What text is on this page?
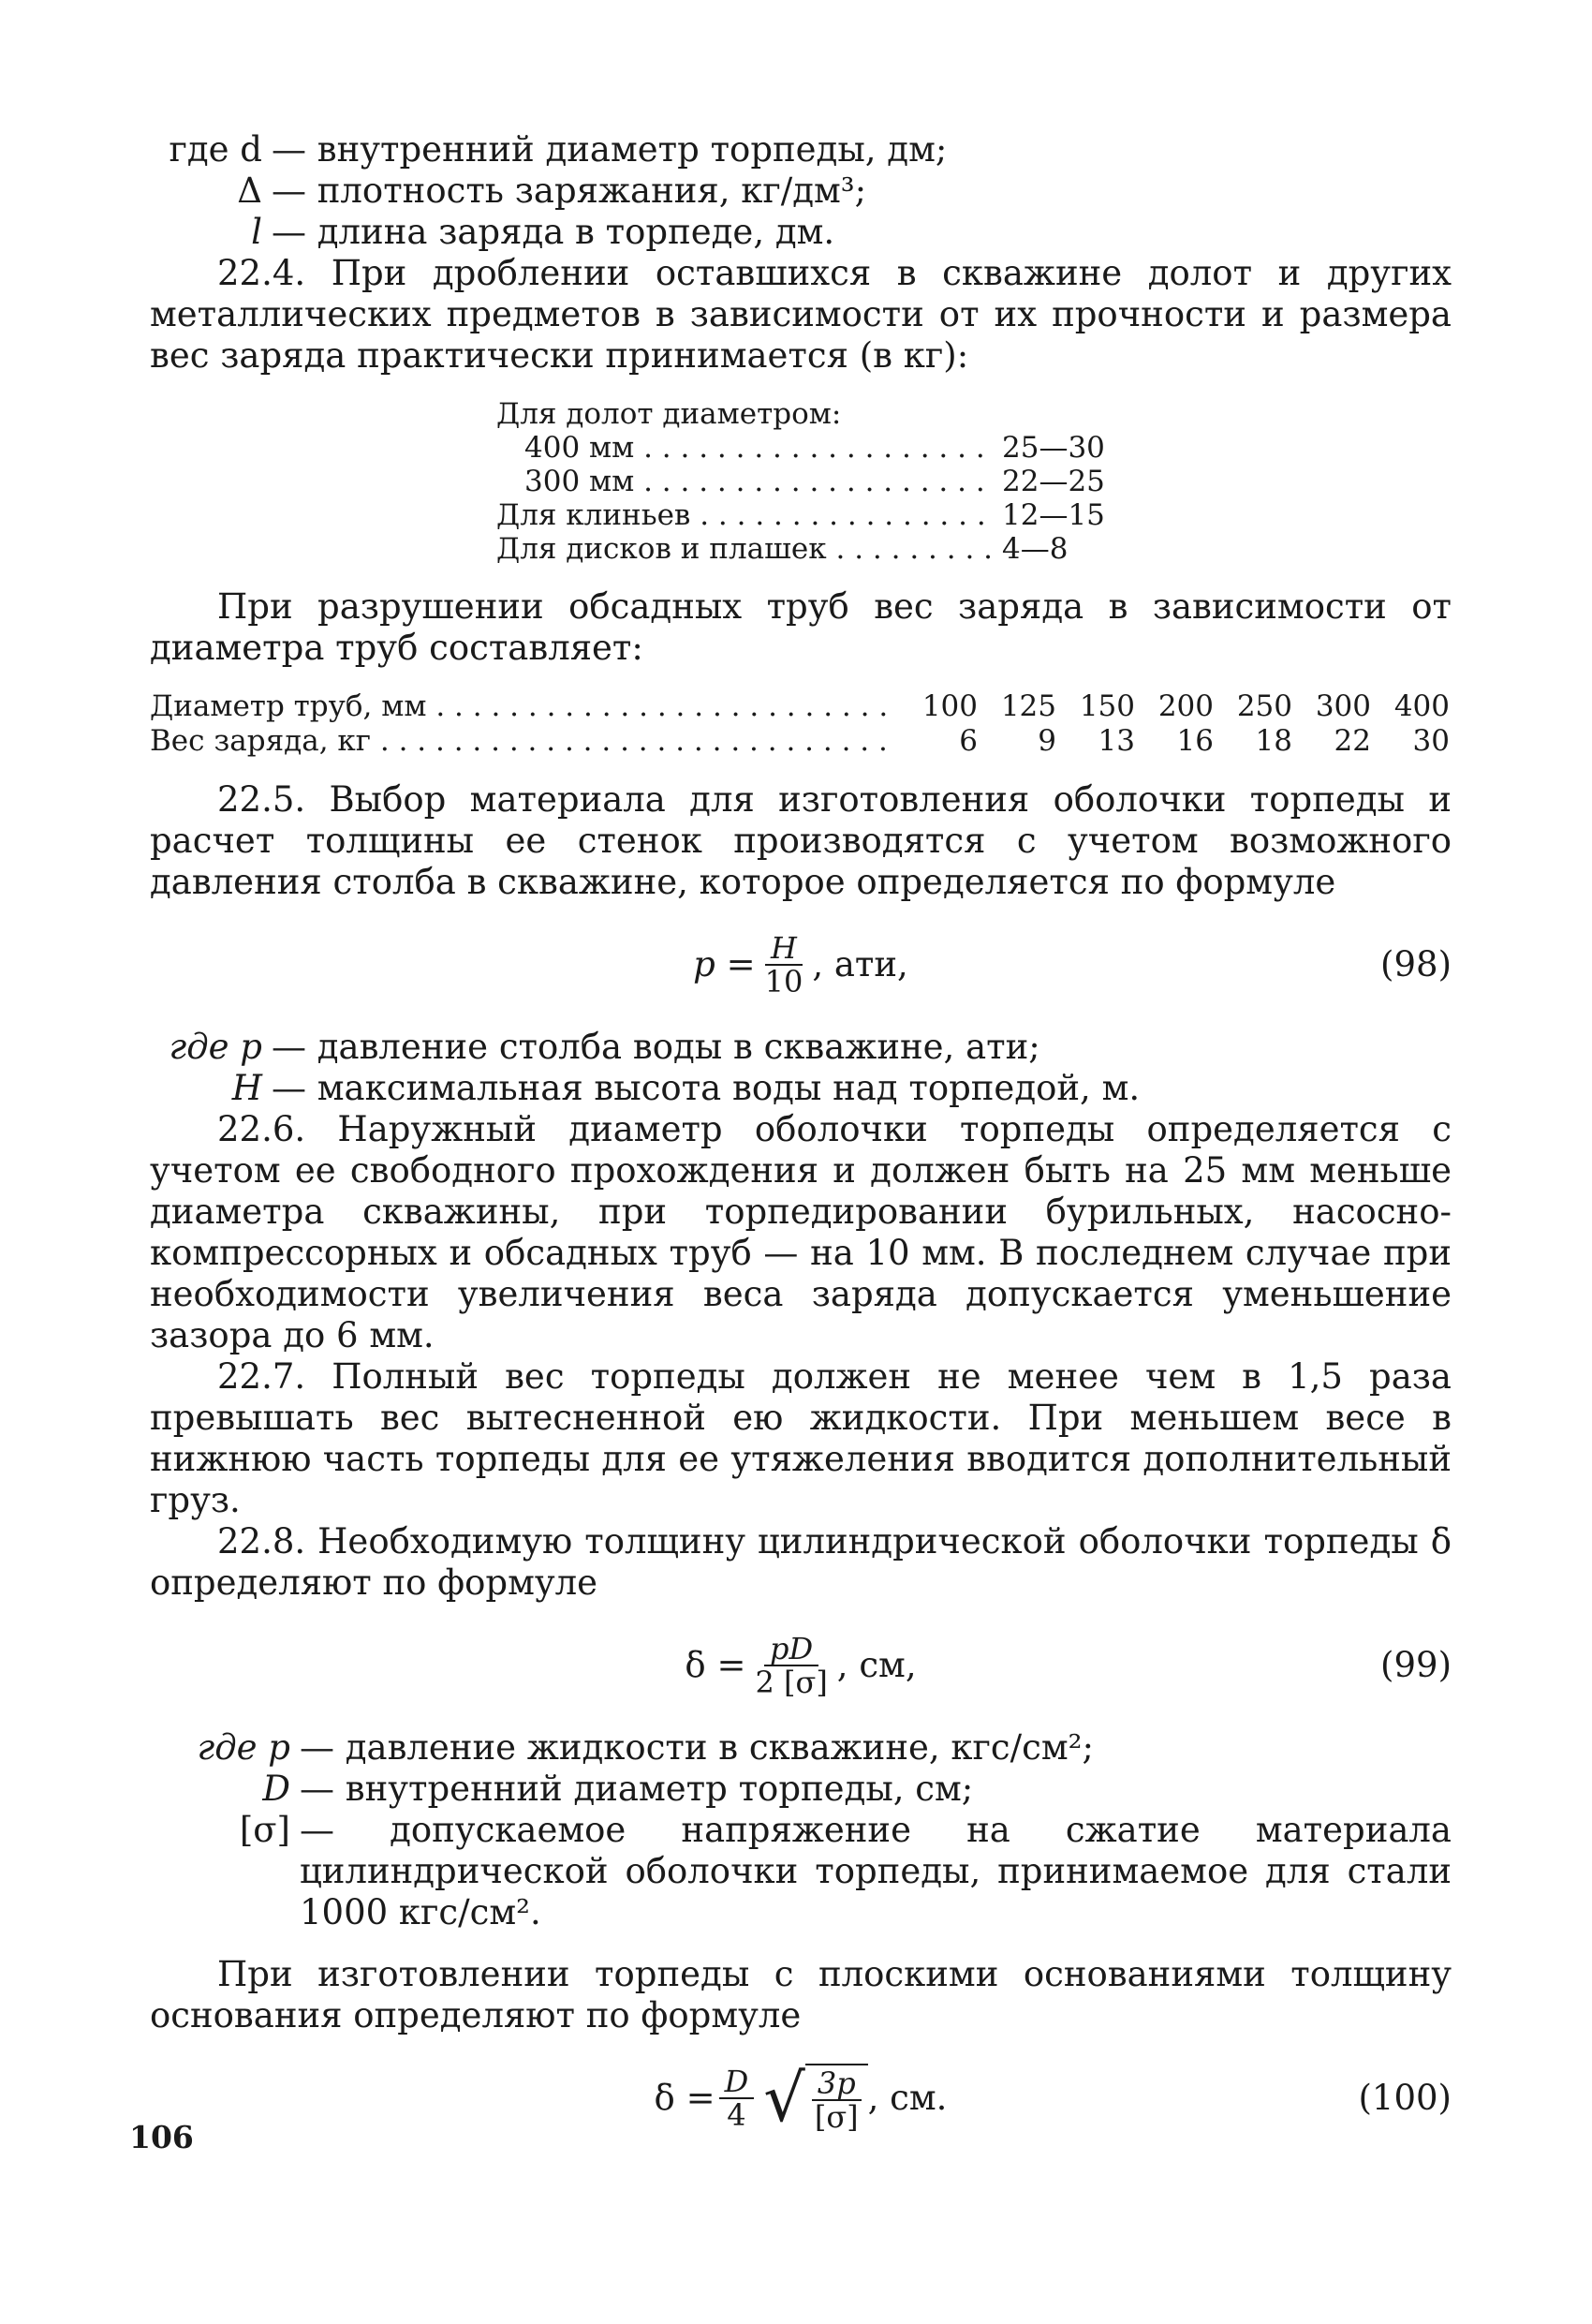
где d — внутренний диаметр торпеды, дм;
Δ — плотность заряжания, кг/дм³;
l — длина заряда в торпеде, дм.

22.4. При дроблении оставшихся в скважине долот и других металлических предметов в зависимости от их прочности и размера вес заряда практически принимается (в кг):

Для долот диаметром:
400 мм . . .	25—30
300 мм . . .	22—25
Для клиньев . . .	12—15
Для дисков и плашек . . .	4—8

При разрушении обсадных труб вес заряда в зависимости от диаметра труб составляет:

Диаметр труб, мм . . .	100 125 150 200 250 300 400
Вес заряда, кг . . .	6	9	13	16	18	22	30

22.5. Выбор материала для изготовления оболочки торпеды и расчет толщины ее стенок производятся с учетом возможного давления столба в скважине, которое определяется по формуле

$p = \frac{H}{10}$ , ати,	(98)
где p — давление столба воды в скважине, ати;
H — максимальная высота воды над торпедой, м.

22.6. Наружный диаметр оболочки торпеды определяется с учетом ее свободного прохождения и должен быть на 25 мм меньше диаметра скважины, при торпедировании бурильных, насосно-компрессорных и обсадных труб — на 10 мм. В последнем случае при необходимости увеличения веса заряда допускается уменьшение зазора до 6 мм.

22.7. Полный вес торпеды должен не менее чем в 1,5 раза превышать вес вытесненной ею жидкости. При меньшем весе в нижнюю часть торпеды для ее утяжеления вводится дополнительный груз.

22.8. Необходимую толщину цилиндрической оболочки торпеды δ определяют по формуле

$\delta = \frac{pD}{2 [\sigma]}$ , см,	(99)
где p — давление жидкости в скважине, кгс/см²;
D — внутренний диаметр торпеды, см;
[σ] — допускаемое напряжение на сжатие материала цилиндрической оболочки торпеды, принимаемое для стали 1000 кгс/см².

При изготовлении торпеды с плоскими основаниями толщину основания определяют по формуле

$\delta = \frac{D}{4}$ √ $\frac{3p}{[\sigma]}$ , см.	(100)
106
